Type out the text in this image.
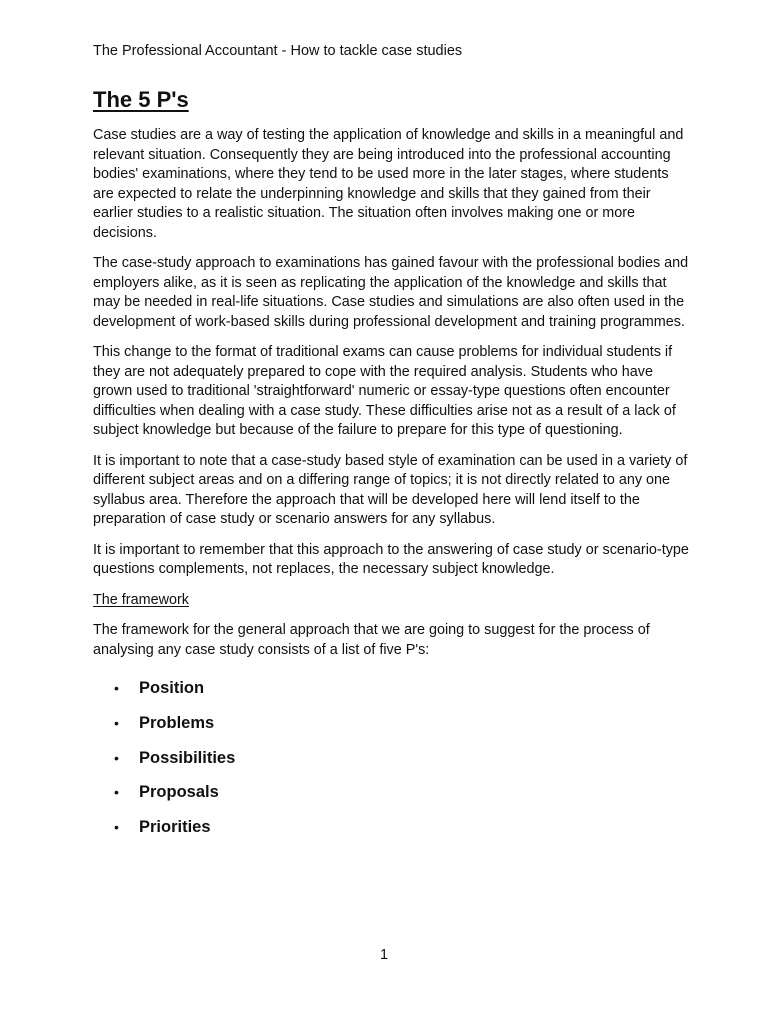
The Professional Accountant - How to tackle case studies
The 5 P's

Case studies are a way of testing the application of knowledge and skills in a meaningful and relevant situation. Consequently they are being introduced into the professional accounting bodies' examinations, where they tend to be used more in the later stages, where students are expected to relate the underpinning knowledge and skills that they gained from their earlier studies to a realistic situation. The situation often involves making one or more decisions.

The case-study approach to examinations has gained favour with the professional bodies and employers alike, as it is seen as replicating the application of the knowledge and skills that may be needed in real-life situations. Case studies and simulations are also often used in the development of work-based skills during professional development and training programmes.

This change to the format of traditional exams can cause problems for individual students if they are not adequately prepared to cope with the required analysis. Students who have grown used to traditional 'straightforward' numeric or essay-type questions often encounter difficulties when dealing with a case study. These difficulties arise not as a result of a lack of subject knowledge but because of the failure to prepare for this type of questioning.

It is important to note that a case-study based style of examination can be used in a variety of different subject areas and on a differing range of topics; it is not directly related to any one syllabus area. Therefore the approach that will be developed here will lend itself to the preparation of case study or scenario answers for any syllabus.

It is important to remember that this approach to the answering of case study or scenario-type questions complements, not replaces, the necessary subject knowledge.

The framework

The framework for the general approach that we are going to suggest for the process of analysing any case study consists of a list of five P's:

•	Position
•	Problems
•	Possibilities
•	Proposals
•	Priorities
1
